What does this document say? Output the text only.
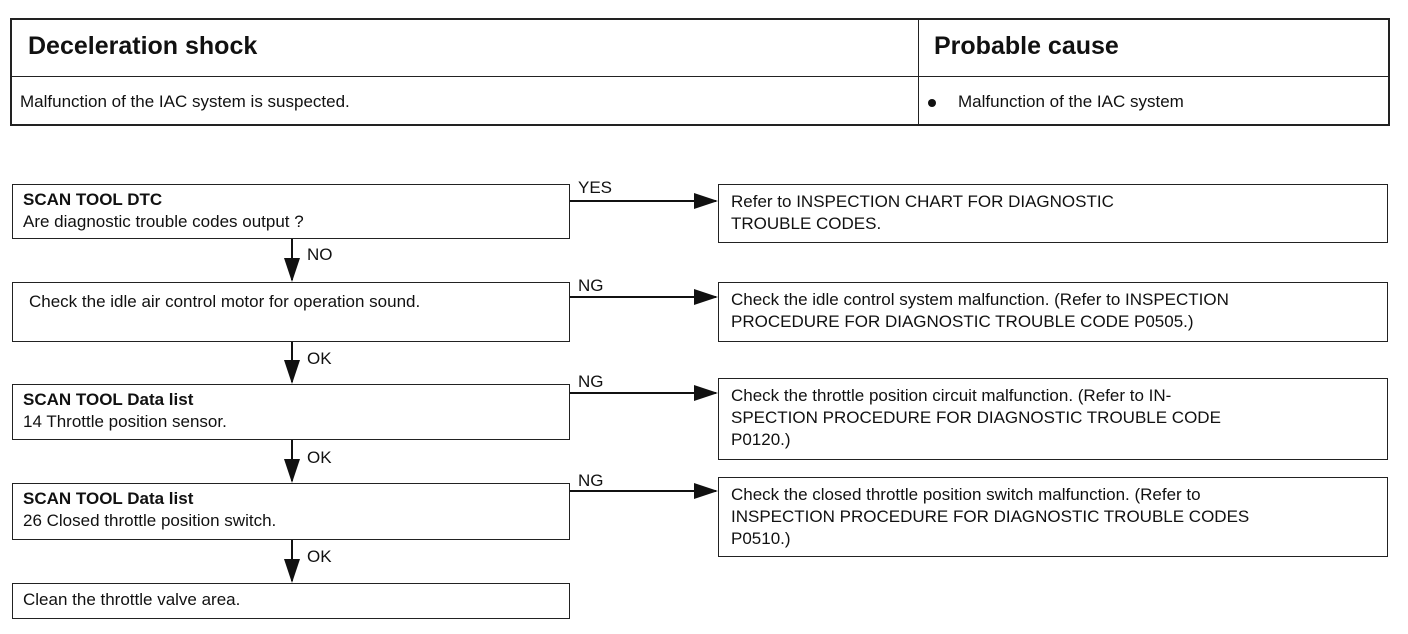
Deceleration shock	Probable cause
Malfunction of the IAC system is suspected.	Malfunction of the IAC system
SCAN TOOL DTC
Are diagnostic trouble codes output ?
YES
NO
Refer to INSPECTION CHART FOR DIAGNOSTIC
TROUBLE CODES.
Check the idle air control motor for operation sound.
NG
OK
Check the idle control system malfunction. (Refer to INSPECTION
PROCEDURE FOR DIAGNOSTIC TROUBLE CODE P0505.)
SCAN TOOL Data list
14 Throttle position sensor.
NG
OK
Check the throttle position circuit malfunction. (Refer to IN-
SPECTION PROCEDURE FOR DIAGNOSTIC TROUBLE CODE
P0120.)
SCAN TOOL Data list
26 Closed throttle position switch.
NG
OK
Check the closed throttle position switch malfunction. (Refer to
INSPECTION PROCEDURE FOR DIAGNOSTIC TROUBLE CODES
P0510.)
Clean the throttle valve area.
